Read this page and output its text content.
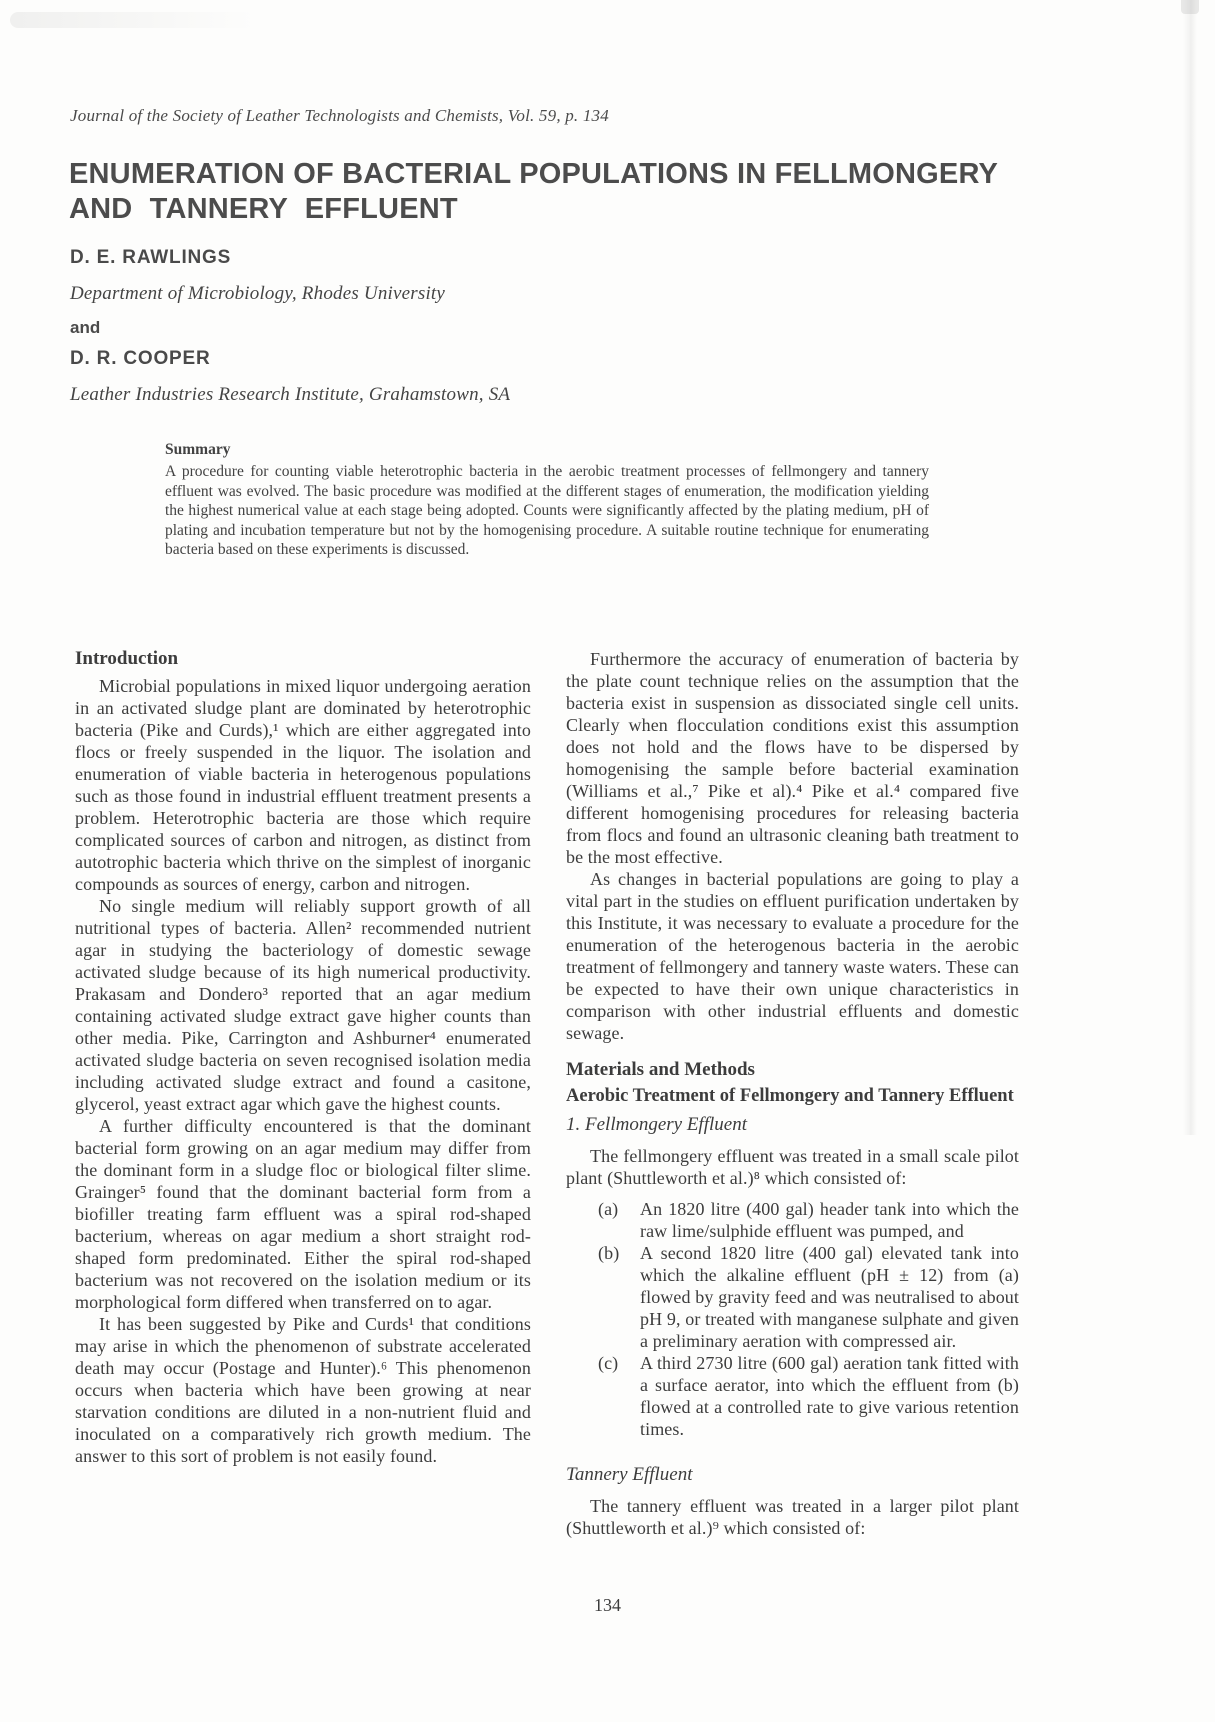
Journal of the Society of Leather Technologists and Chemists, Vol. 59, p. 134
ENUMERATION OF BACTERIAL POPULATIONS IN FELLMONGERY
AND TANNERY EFFLUENT
D. E. RAWLINGS
Department of Microbiology, Rhodes University
and
D. R. COOPER
Leather Industries Research Institute, Grahamstown, SA
Summary
A procedure for counting viable heterotrophic bacteria in the aerobic treatment processes of fellmongery and tannery effluent was evolved. The basic procedure was modified at the different stages of enumeration, the modification yielding the highest numerical value at each stage being adopted. Counts were significantly affected by the plating medium, pH of plating and incubation temperature but not by the homogenising procedure. A suitable routine technique for enumerating bacteria based on these experiments is discussed.
Introduction

Microbial populations in mixed liquor undergoing aeration in an activated sludge plant are dominated by heterotrophic bacteria (Pike and Curds),¹ which are either aggregated into flocs or freely suspended in the liquor. The isolation and enumeration of viable bacteria in heterogenous populations such as those found in industrial effluent treatment presents a problem. Heterotrophic bacteria are those which require complicated sources of carbon and nitrogen, as distinct from autotrophic bacteria which thrive on the simplest of inorganic compounds as sources of energy, carbon and nitrogen.

No single medium will reliably support growth of all nutritional types of bacteria. Allen² recommended nutrient agar in studying the bacteriology of domestic sewage activated sludge because of its high numerical productivity. Prakasam and Dondero³ reported that an agar medium containing activated sludge extract gave higher counts than other media. Pike, Carrington and Ashburner⁴ enumerated activated sludge bacteria on seven recognised isolation media including activated sludge extract and found a casitone, glycerol, yeast extract agar which gave the highest counts.

A further difficulty encountered is that the dominant bacterial form growing on an agar medium may differ from the dominant form in a sludge floc or biological filter slime. Grainger⁵ found that the dominant bacterial form from a biofiller treating farm effluent was a spiral rod-shaped bacterium, whereas on agar medium a short straight rod-shaped form predominated. Either the spiral rod-shaped bacterium was not recovered on the isolation medium or its morphological form differed when transferred on to agar.

It has been suggested by Pike and Curds¹ that conditions may arise in which the phenomenon of substrate accelerated death may occur (Postage and Hunter).⁶ This phenomenon occurs when bacteria which have been growing at near starvation conditions are diluted in a non-nutrient fluid and inoculated on a comparatively rich growth medium. The answer to this sort of problem is not easily found.

Furthermore the accuracy of enumeration of bacteria by the plate count technique relies on the assumption that the bacteria exist in suspension as dissociated single cell units. Clearly when flocculation conditions exist this assumption does not hold and the flows have to be dispersed by homogenising the sample before bacterial examination (Williams et al.,⁷ Pike et al).⁴ Pike et al.⁴ compared five different homogenising procedures for releasing bacteria from flocs and found an ultrasonic cleaning bath treatment to be the most effective.

As changes in bacterial populations are going to play a vital part in the studies on effluent purification undertaken by this Institute, it was necessary to evaluate a procedure for the enumeration of the heterogenous bacteria in the aerobic treatment of fellmongery and tannery waste waters. These can be expected to have their own unique characteristics in comparison with other industrial effluents and domestic sewage.

Materials and Methods
Aerobic Treatment of Fellmongery and Tannery Effluent
1. Fellmongery Effluent

The fellmongery effluent was treated in a small scale pilot plant (Shuttleworth et al.)⁸ which consisted of:

(a)	An 1820 litre (400 gal) header tank into which the raw lime/sulphide effluent was pumped, and
(b)	A second 1820 litre (400 gal) elevated tank into which the alkaline effluent (pH ± 12) from (a) flowed by gravity feed and was neutralised to about pH 9, or treated with manganese sulphate and given a preliminary aeration with compressed air.
(c)	A third 2730 litre (600 gal) aeration tank fitted with a surface aerator, into which the effluent from (b) flowed at a controlled rate to give various retention times.
Tannery Effluent

The tannery effluent was treated in a larger pilot plant (Shuttleworth et al.)⁹ which consisted of:

134
